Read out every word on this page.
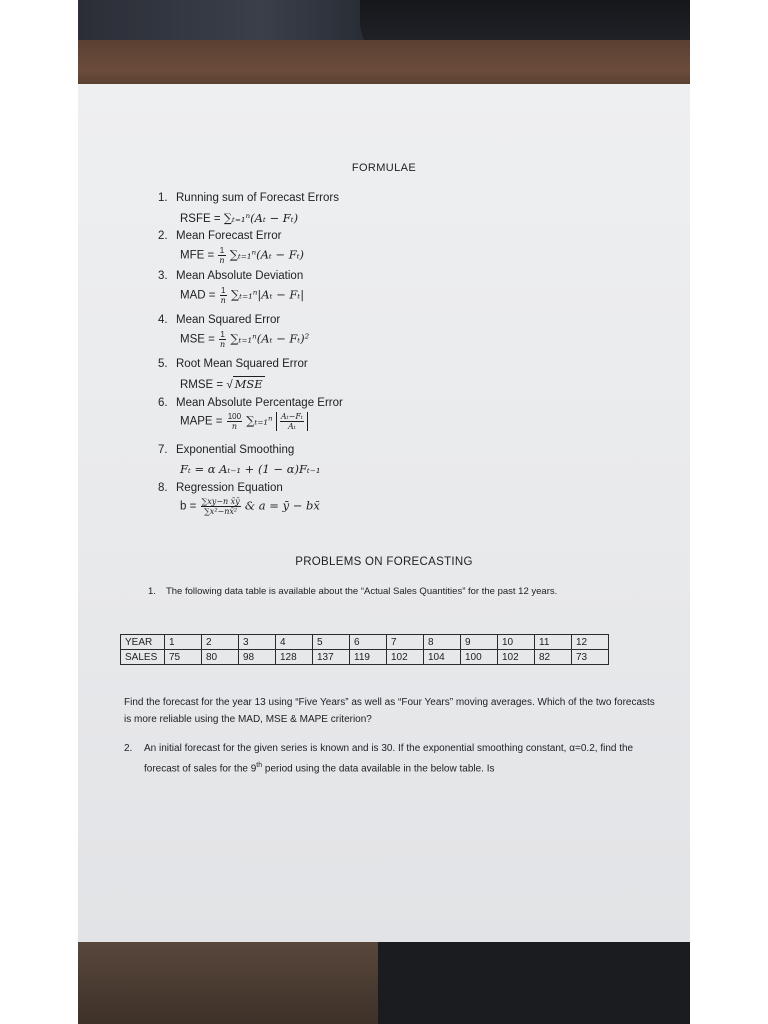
FORMULAE
1. Running sum of Forecast Errors
RSFE = ∑ₜ₌₁ⁿ(Aₜ − Fₜ)
2. Mean Forecast Error
MFE = $\frac{1}{n} \sum_{t=1}^n(A_t - F_t)$
3. Mean Absolute Deviation
MAD = $\frac{1}{n} \sum_{t=1}^n|A_t - F_t|$
4. Mean Squared Error
MSE = $\frac{1}{n} \sum_{t=1}^n(A_t - F_t)^2$
5. Root Mean Squared Error
RMSE = √ MSE
6. Mean Absolute Percentage Error
MAPE = $\frac{100}{n} \sum_{t=1}^n \frac{\text{Aₜ−Fₜ}}{\text{Aₜ}}$
7. Exponential Smoothing
Fₜ = α Aₜ₋₁ + (1 − α)Fₜ₋₁
8. Regression Equation
$b = \frac{\text{∑xy−n x̄ȳ}}{\text{∑x²−nx̄²}}$ & a = ȳ − bx̄
PROBLEMS ON FORECASTING
1. The following data table is available about the “Actual Sales Quantities” for the past 12 years.
YEAR	1	2	3	4	5	6	7	8	9	10	11	12
SALES	75	80	98	128	137	119	102	104	100	102	82	73
Find the forecast for the year 13 using “Five Years” as well as “Four Years” moving averages. Which of the two forecasts is more reliable using the MAD, MSE & MAPE criterion?
2. An initial forecast for the given series is known and is 30. If the exponential smoothing constant, α=0.2, find the forecast of sales for the 9th period using the data available in the below table. Is
